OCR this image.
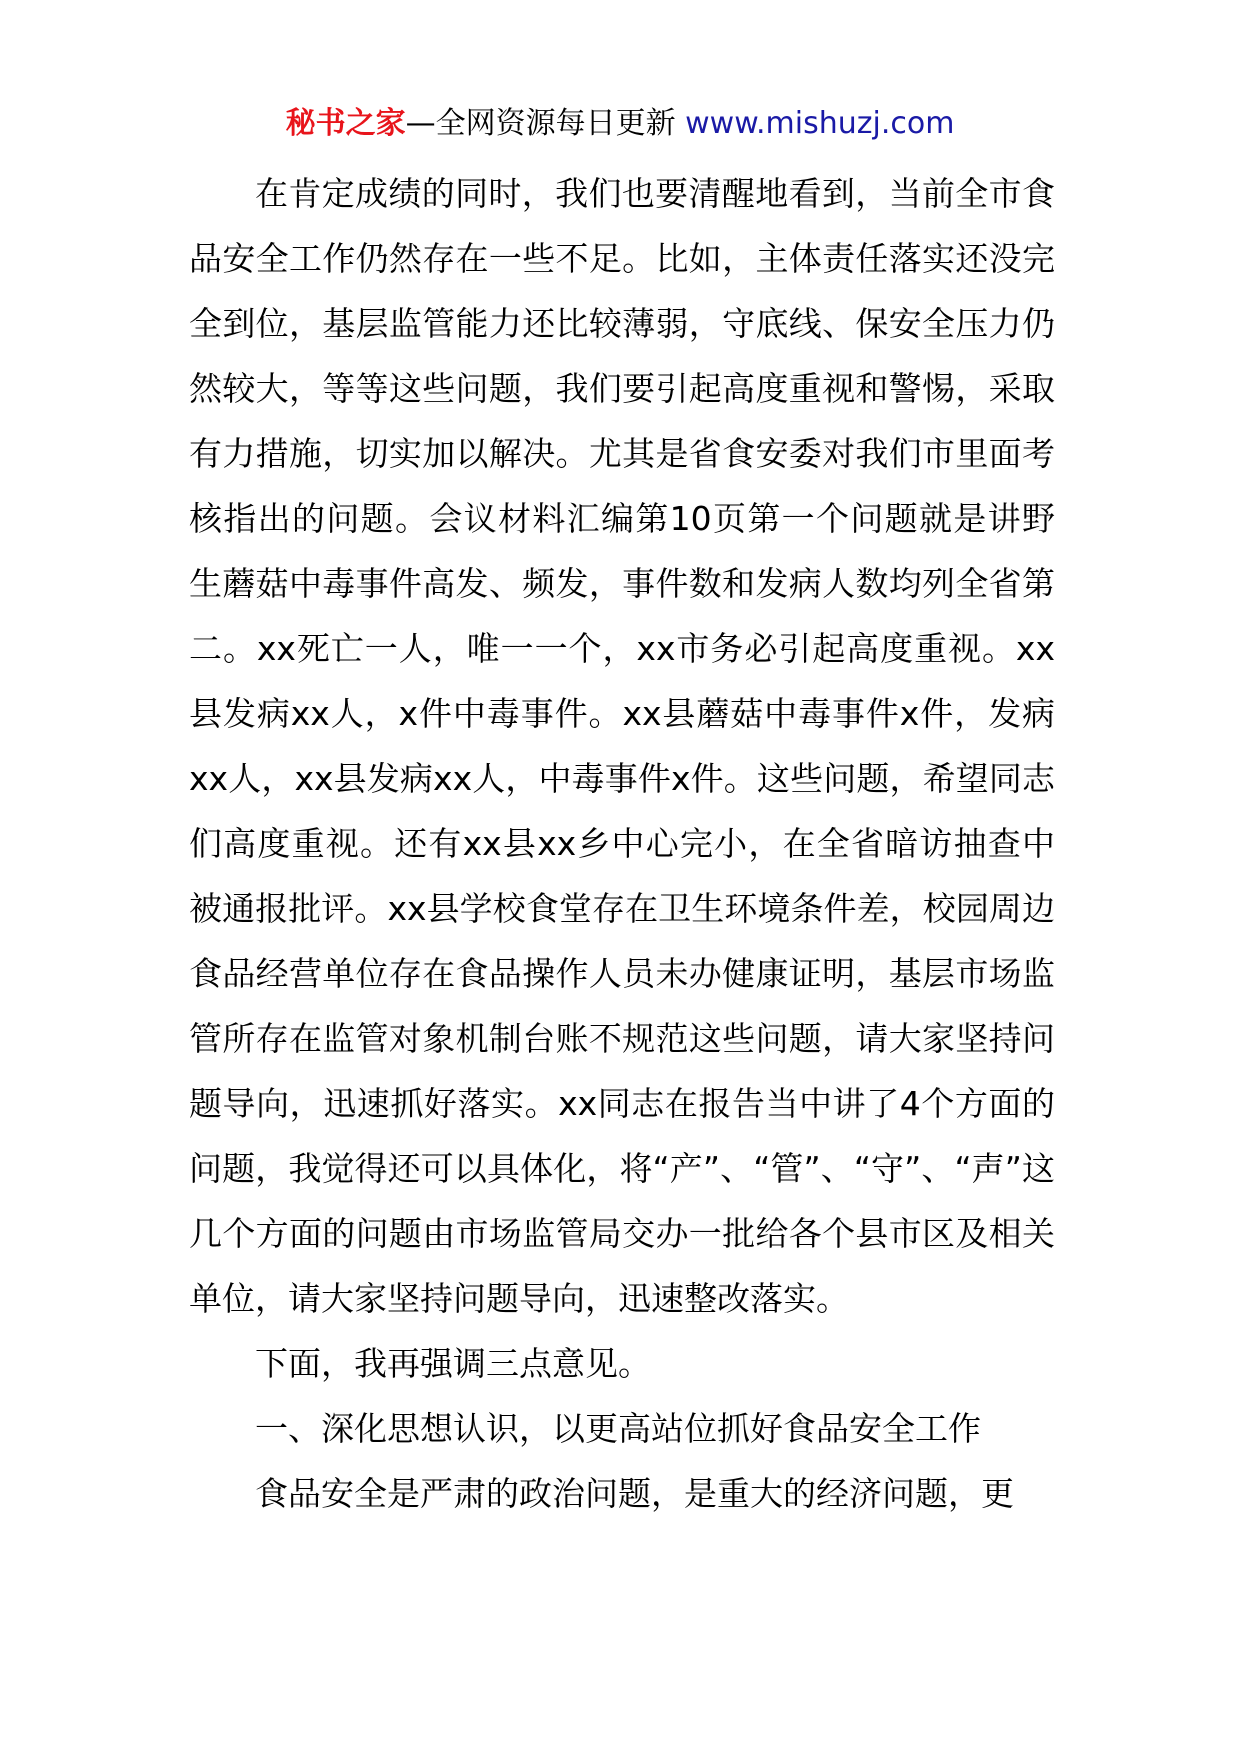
秘书之家—全网资源每日更新 www.mishuzj.com

在肯定成绩的同时，我们也要清醒地看到，当前全市食品安全工作仍然存在一些不足。比如，主体责任落实还没完全到位，基层监管能力还比较薄弱，守底线、保安全压力仍然较大，等等这些问题，我们要引起高度重视和警惕，采取有力措施，切实加以解决。尤其是省食安委对我们市里面考核指出的问题。会议材料汇编第10页第一个问题就是讲野生蘑菇中毒事件高发、频发，事件数和发病人数均列全省第二。xx死亡一人，唯一一个，xx市务必引起高度重视。xx县发病xx人，x件中毒事件。xx县蘑菇中毒事件x件，发病xx人，xx县发病xx人，中毒事件x件。这些问题，希望同志们高度重视。还有xx县xx乡中心完小，在全省暗访抽查中被通报批评。xx县学校食堂存在卫生环境条件差，校园周边食品经营单位存在食品操作人员未办健康证明，基层市场监管所存在监管对象机制台账不规范这些问题，请大家坚持问题导向，迅速抓好落实。xx同志在报告当中讲了4个方面的问题，我觉得还可以具体化，将“产”、“管”、“守”、“声”这几个方面的问题由市场监管局交办一批给各个县市区及相关单位，请大家坚持问题导向，迅速整改落实。

下面，我再强调三点意见。

一、深化思想认识，以更高站位抓好食品安全工作

食品安全是严肃的政治问题，是重大的经济问题，更
